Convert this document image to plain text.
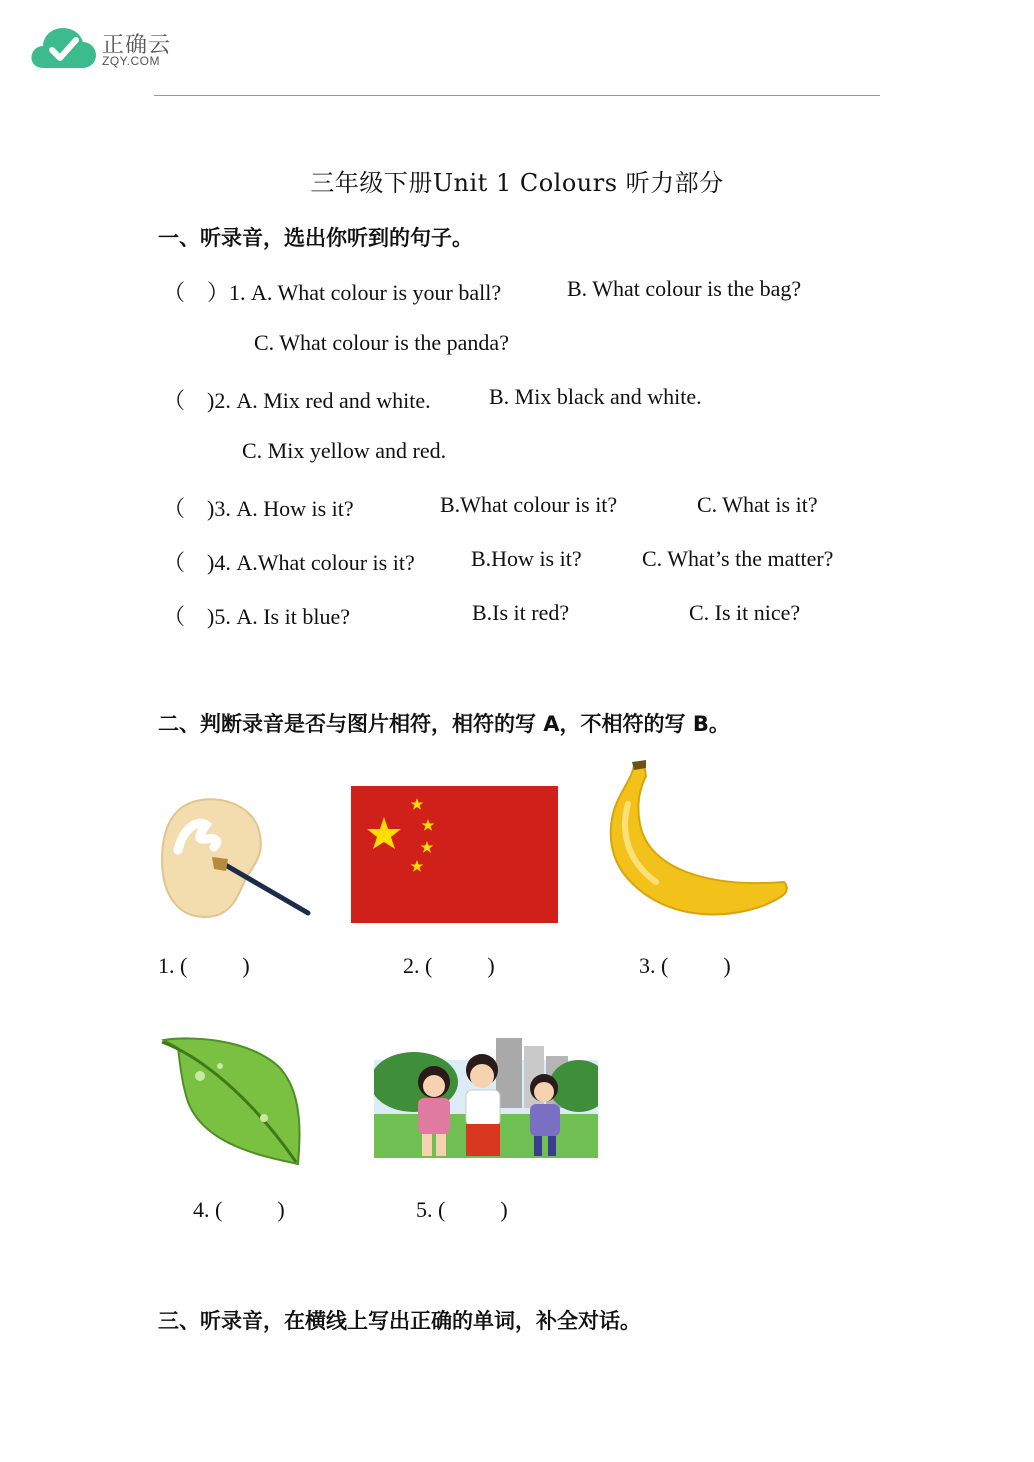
正确云
ZQY.COM
三年级下册Unit 1 Colours 听力部分
一、听录音，选出你听到的句子。
（    ）1. A. What colour is your ball?	B. What colour is the bag?
C. What colour is the panda?
（    )2. A. Mix red and white.	B. Mix black and white.
C. Mix yellow and red.
（    )3. A. How is it?	B.What colour is it?	C. What is it?
（    )4. A.What colour is it?	B.How is it?	C. What’s the matter?
（    )5. A. Is it blue?	B.Is it red?	C. Is it nice?
二、判断录音是否与图片相符，相符的写 A，不相符的写 B。
1. (          )	2. (          )	3. (          )
4. (          )	5. (          )
三、听录音，在横线上写出正确的单词，补全对话。
